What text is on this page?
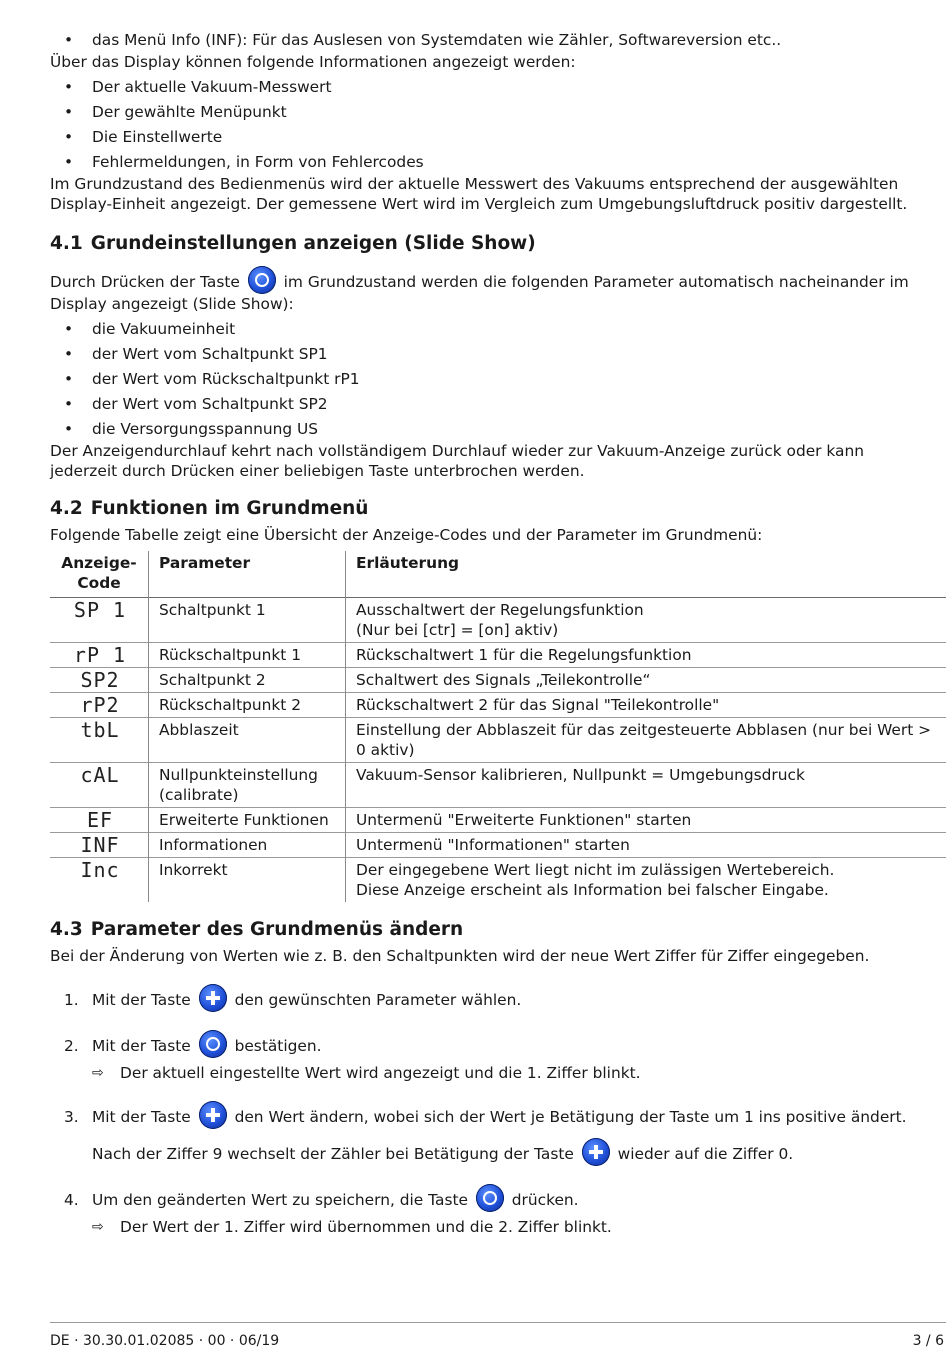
• das Menü Info (INF): Für das Auslesen von Systemdaten wie Zähler, Softwareversion etc..

Über das Display können folgende Informationen angezeigt werden:

• Der aktuelle Vakuum-Messwert
• Der gewählte Menüpunkt
• Die Einstellwerte
• Fehlermeldungen, in Form von Fehlercodes

Im Grundzustand des Bedienmenüs wird der aktuelle Messwert des Vakuums entsprechend der ausgewählten Display-Einheit angezeigt. Der gemessene Wert wird im Vergleich zum Umgebungsluftdruck positiv dargestellt.

4.1 Grundeinstellungen anzeigen (Slide Show)

Durch Drücken der Taste	im Grundzustand werden die folgenden Parameter automatisch nacheinander im Display angezeigt (Slide Show):

• die Vakuumeinheit
• der Wert vom Schaltpunkt SP1
• der Wert vom Rückschaltpunkt rP1
• der Wert vom Schaltpunkt SP2
• die Versorgungsspannung US

Der Anzeigendurchlauf kehrt nach vollständigem Durchlauf wieder zur Vakuum-Anzeige zurück oder kann jederzeit durch Drücken einer beliebigen Taste unterbrochen werden.

4.2 Funktionen im Grundmenü

Folgende Tabelle zeigt eine Übersicht der Anzeige-Codes und der Parameter im Grundmenü:

Anzeige-
Code	Parameter	Erläuterung
SP 1	Schaltpunkt 1	Ausschaltwert der Regelungsfunktion
(Nur bei [ctr] = [on] aktiv)
rP 1	Rückschaltpunkt 1	Rückschaltwert 1 für die Regelungsfunktion
SP2	Schaltpunkt 2	Schaltwert des Signals „Teilekontrolle“
rP2	Rückschaltpunkt 2	Rückschaltwert 2 für das Signal "Teilekontrolle"
tbL	Abblaszeit	Einstellung der Abblaszeit für das zeitgesteuerte Abblasen (nur bei Wert > 0 aktiv)
cAL	Nullpunkteinstellung (calibrate)	Vakuum-Sensor kalibrieren, Nullpunkt = Umgebungsdruck
EF	Erweiterte Funktionen	Untermenü "Erweiterte Funktionen" starten
INF	Informationen	Untermenü "Informationen" starten
Inc	Inkorrekt	Der eingegebene Wert liegt nicht im zulässigen Wertebereich.
Diese Anzeige erscheint als Information bei falscher Eingabe.
4.3 Parameter des Grundmenüs ändern

Bei der Änderung von Werten wie z. B. den Schaltpunkten wird der neue Wert Ziffer für Ziffer eingegeben.

1. Mit der Taste	den gewünschten Parameter wählen.
2. Mit der Taste	bestätigen.
⇨ Der aktuell eingestellte Wert wird angezeigt und die 1. Ziffer blinkt.
3. Mit der Taste	den Wert ändern, wobei sich der Wert je Betätigung der Taste um 1 ins positive ändert.
Nach der Ziffer 9 wechselt der Zähler bei Betätigung der Taste	wieder auf die Ziffer 0.
4. Um den geänderten Wert zu speichern, die Taste	drücken.
⇨ Der Wert der 1. Ziffer wird übernommen und die 2. Ziffer blinkt.
DE · 30.30.01.02085 · 00 · 06/19	3 / 6
